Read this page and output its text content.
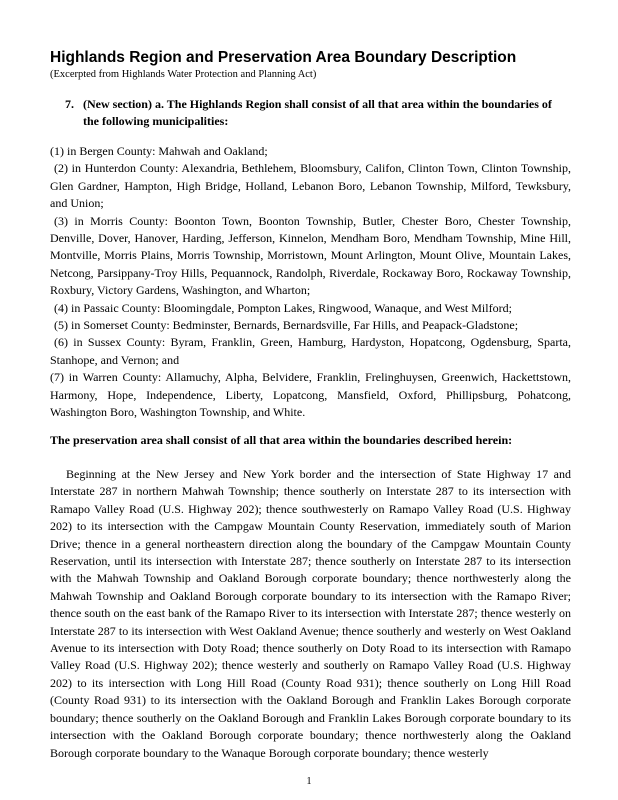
Highlands Region and Preservation Area Boundary Description
(Excerpted from Highlands Water Protection and Planning Act)
7. (New section) a. The Highlands Region shall consist of all that area within the boundaries of
the following municipalities:

(1) in Bergen County: Mahwah and Oakland;

(2) in Hunterdon County: Alexandria, Bethlehem, Bloomsbury, Califon, Clinton Town, Clinton Township, Glen Gardner, Hampton, High Bridge, Holland, Lebanon Boro, Lebanon Township, Milford, Tewksbury, and Union;

(3) in Morris County: Boonton Town, Boonton Township, Butler, Chester Boro, Chester Township, Denville, Dover, Hanover, Harding, Jefferson, Kinnelon, Mendham Boro, Mendham Township, Mine Hill, Montville, Morris Plains, Morris Township, Morristown, Mount Arlington, Mount Olive, Mountain Lakes, Netcong, Parsippany-Troy Hills, Pequannock, Randolph, Riverdale, Rockaway Boro, Rockaway Township, Roxbury, Victory Gardens, Washington, and Wharton;

(4) in Passaic County: Bloomingdale, Pompton Lakes, Ringwood, Wanaque, and West Milford;

(5) in Somerset County: Bedminster, Bernards, Bernardsville, Far Hills, and Peapack-Gladstone;

(6) in Sussex County: Byram, Franklin, Green, Hamburg, Hardyston, Hopatcong, Ogdensburg, Sparta, Stanhope, and Vernon; and

(7) in Warren County: Allamuchy, Alpha, Belvidere, Franklin, Frelinghuysen, Greenwich, Hackettstown, Harmony, Hope, Independence, Liberty, Lopatcong, Mansfield, Oxford, Phillipsburg, Pohatcong, Washington Boro, Washington Township, and White.

The preservation area shall consist of all that area within the boundaries described herein:

Beginning at the New Jersey and New York border and the intersection of State Highway 17 and Interstate 287 in northern Mahwah Township; thence southerly on Interstate 287 to its intersection with Ramapo Valley Road (U.S. Highway 202); thence southwesterly on Ramapo Valley Road (U.S. Highway 202) to its intersection with the Campgaw Mountain County Reservation, immediately south of Marion Drive; thence in a general northeastern direction along the boundary of the Campgaw Mountain County Reservation, until its intersection with Interstate 287; thence southerly on Interstate 287 to its intersection with the Mahwah Township and Oakland Borough corporate boundary; thence northwesterly along the Mahwah Township and Oakland Borough corporate boundary to its intersection with the Ramapo River; thence south on the east bank of the Ramapo River to its intersection with Interstate 287; thence westerly on Interstate 287 to its intersection with West Oakland Avenue; thence southerly and westerly on West Oakland Avenue to its intersection with Doty Road; thence southerly on Doty Road to its intersection with Ramapo Valley Road (U.S. Highway 202); thence westerly and southerly on Ramapo Valley Road (U.S. Highway 202) to its intersection with Long Hill Road (County Road 931); thence southerly on Long Hill Road (County Road 931) to its intersection with the Oakland Borough and Franklin Lakes Borough corporate boundary; thence southerly on the Oakland Borough and Franklin Lakes Borough corporate boundary to its intersection with the Oakland Borough corporate boundary; thence northwesterly along the Oakland Borough corporate boundary to the Wanaque Borough corporate boundary; thence westerly

1
